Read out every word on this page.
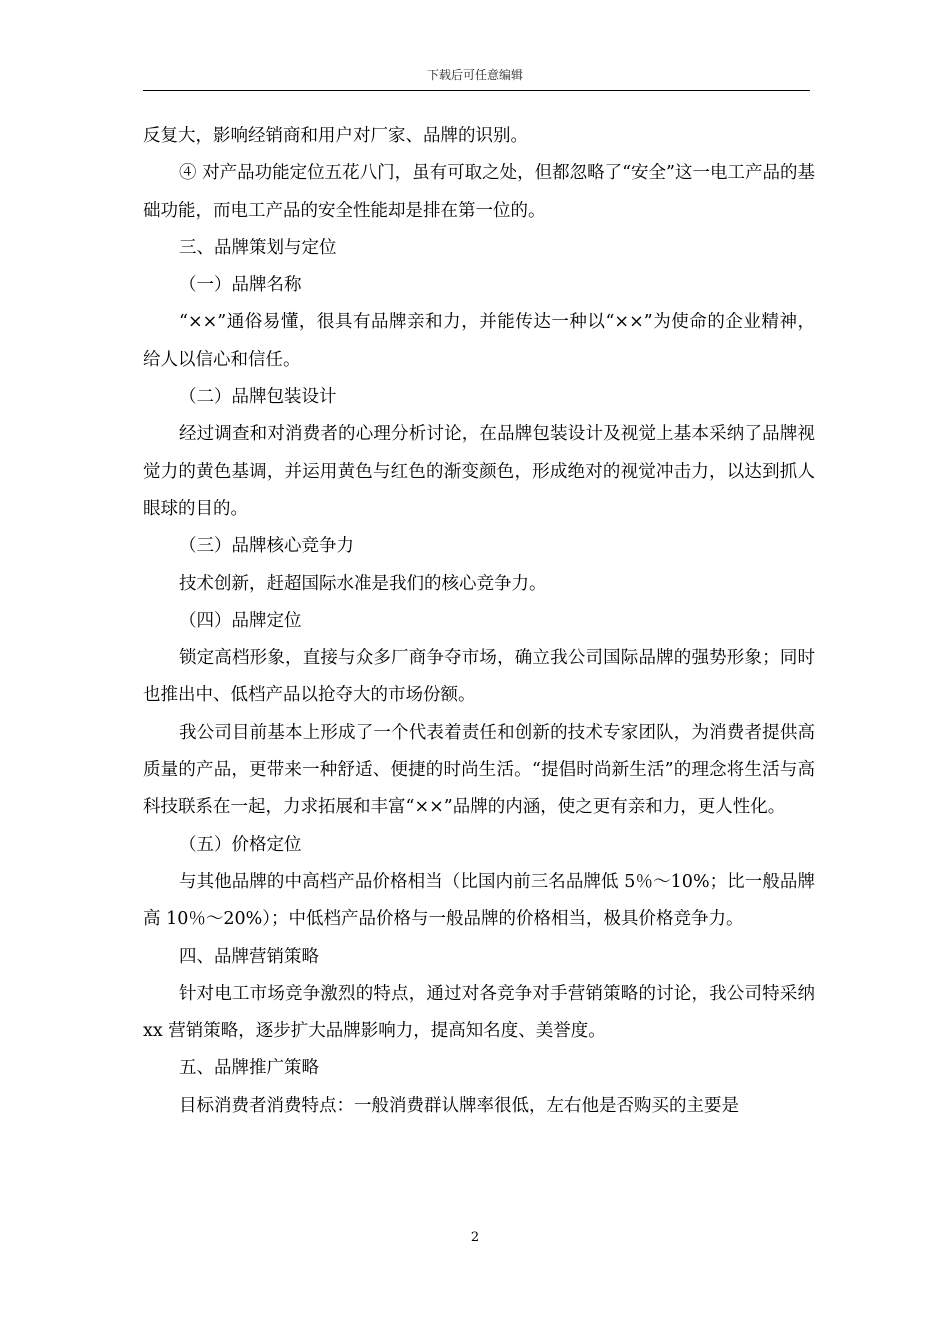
下载后可任意编辑

反复大，影响经销商和用户对厂家、品牌的识别。

④ 对产品功能定位五花八门，虽有可取之处，但都忽略了“安全”这一电工产品的基础功能，而电工产品的安全性能却是排在第一位的。

三、品牌策划与定位

（一）品牌名称

“××”通俗易懂，很具有品牌亲和力，并能传达一种以“××”为使命的企业精神，给人以信心和信任。

（二）品牌包装设计

经过调查和对消费者的心理分析讨论，在品牌包装设计及视觉上基本采纳了品牌视觉力的黄色基调，并运用黄色与红色的渐变颜色，形成绝对的视觉冲击力，以达到抓人眼球的目的。

（三）品牌核心竞争力

技术创新，赶超国际水准是我们的核心竞争力。

（四）品牌定位

锁定高档形象，直接与众多厂商争夺市场，确立我公司国际品牌的强势形象；同时也推出中、低档产品以抢夺大的市场份额。

我公司目前基本上形成了一个代表着责任和创新的技术专家团队，为消费者提供高质量的产品，更带来一种舒适、便捷的时尚生活。“提倡时尚新生活”的理念将生活与高科技联系在一起，力求拓展和丰富“××”品牌的内涵，使之更有亲和力，更人性化。

（五）价格定位

与其他品牌的中高档产品价格相当（比国内前三名品牌低 5％～10%；比一般品牌高 10％～20%）；中低档产品价格与一般品牌的价格相当，极具价格竞争力。

四、品牌营销策略

针对电工市场竞争激烈的特点，通过对各竞争对手营销策略的讨论，我公司特采纳 xx 营销策略，逐步扩大品牌影响力，提高知名度、美誉度。

五、品牌推广策略

目标消费者消费特点：一般消费群认牌率很低，左右他是否购买的主要是

2
